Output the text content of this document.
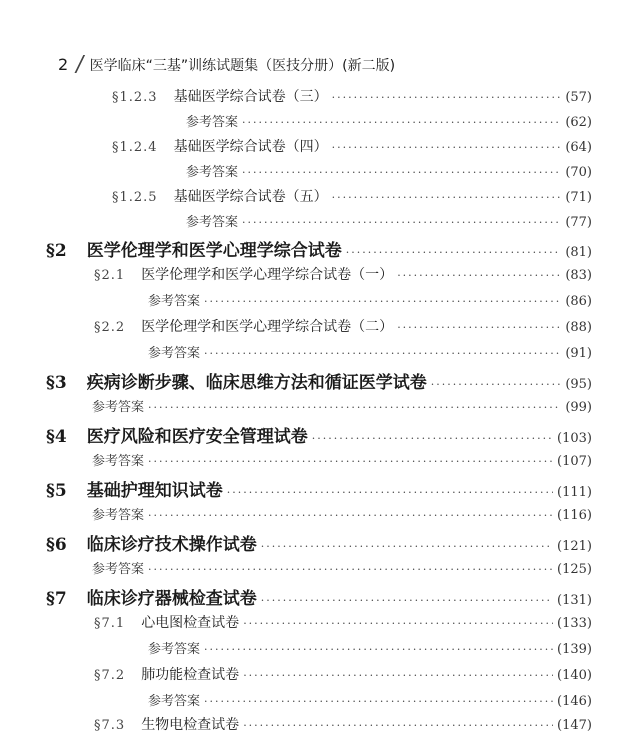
2 / 医学临床“三基”训练试题集（医技分册）(新二版)
§1.2.3 基础医学综合试卷（三） ·····	(57)
参考答案 ·····	(62)
§1.2.4 基础医学综合试卷（四） ·····	(64)
参考答案 ·····	(70)
§1.2.5 基础医学综合试卷（五） ·····	(71)
参考答案 ·····	(77)
§2 医学伦理学和医学心理学综合试卷 ·····	(81)
§2.1 医学伦理学和医学心理学综合试卷（一） ·····	(83)
参考答案 ·····	(86)
§2.2 医学伦理学和医学心理学综合试卷（二） ·····	(88)
参考答案 ·····	(91)
§3 疾病诊断步骤、临床思维方法和循证医学试卷 ·····	(95)
参考答案 ·····	(99)
§4 医疗风险和医疗安全管理试卷 ·····	(103)
参考答案 ·····	(107)
§5 基础护理知识试卷 ·····	(111)
参考答案 ·····	(116)
§6 临床诊疗技术操作试卷 ·····	(121)
参考答案 ·····	(125)
§7 临床诊疗器械检查试卷 ·····	(131)
§7.1 心电图检查试卷 ·····	(133)
参考答案 ·····	(139)
§7.2 肺功能检查试卷 ·····	(140)
参考答案 ·····	(146)
§7.3 生物电检查试卷 ·····	(147)
